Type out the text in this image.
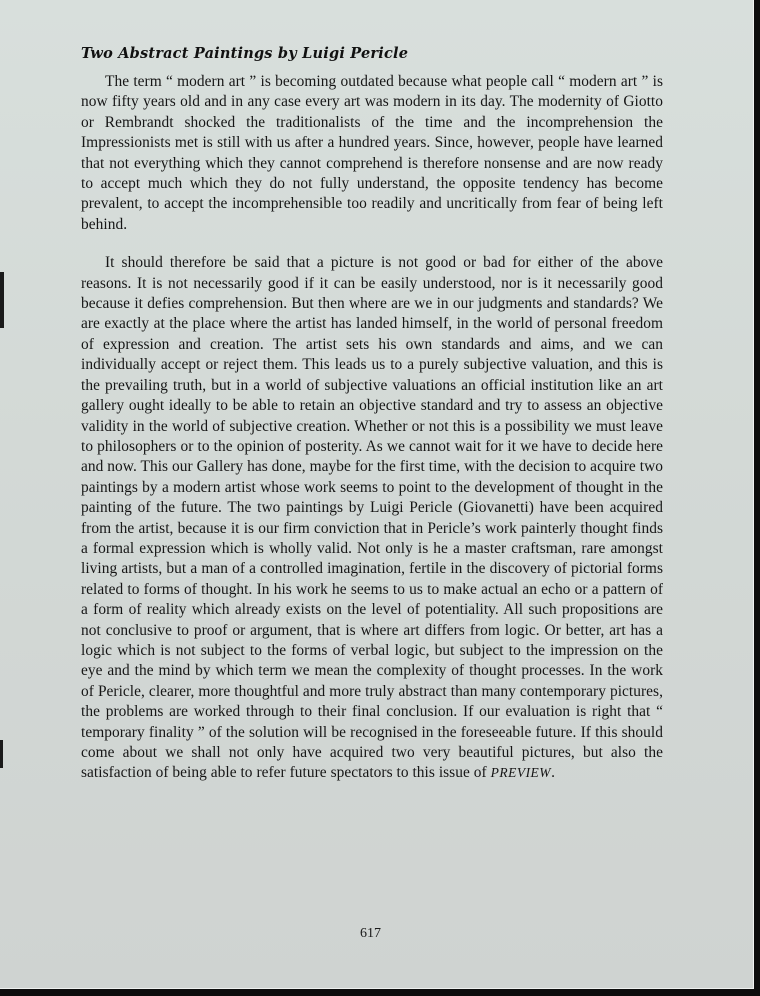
Two Abstract Paintings by Luigi Pericle

The term “ modern art ” is becoming outdated because what people call “ modern art ” is now fifty years old and in any case every art was modern in its day. The modernity of Giotto or Rembrandt shocked the traditionalists of the time and the incomprehension the Impressionists met is still with us after a hundred years. Since, however, people have learned that not everything which they cannot comprehend is therefore nonsense and are now ready to accept much which they do not fully understand, the opposite tendency has become prevalent, to accept the incomprehensible too readily and uncritically from fear of being left behind.

It should therefore be said that a picture is not good or bad for either of the above reasons. It is not necessarily good if it can be easily understood, nor is it necessarily good because it defies comprehension. But then where are we in our judgments and standards? We are exactly at the place where the artist has landed himself, in the world of personal freedom of expression and creation. The artist sets his own standards and aims, and we can individually accept or reject them. This leads us to a purely subjective valuation, and this is the prevailing truth, but in a world of subjective valuations an official institution like an art gallery ought ideally to be able to retain an objective standard and try to assess an objective validity in the world of subjective creation. Whether or not this is a possibility we must leave to philosophers or to the opinion of posterity. As we cannot wait for it we have to decide here and now. This our Gallery has done, maybe for the first time, with the decision to acquire two paintings by a modern artist whose work seems to point to the development of thought in the painting of the future. The two paintings by Luigi Pericle (Giovanetti) have been acquired from the artist, because it is our firm conviction that in Pericle’s work painterly thought finds a formal expression which is wholly valid. Not only is he a master craftsman, rare amongst living artists, but a man of a controlled imagination, fertile in the discovery of pictorial forms related to forms of thought. In his work he seems to us to make actual an echo or a pattern of a form of reality which already exists on the level of potentiality. All such propositions are not conclusive to proof or argument, that is where art differs from logic. Or better, art has a logic which is not subject to the forms of verbal logic, but subject to the impression on the eye and the mind by which term we mean the complexity of thought processes. In the work of Pericle, clearer, more thoughtful and more truly abstract than many contemporary pictures, the problems are worked through to their final conclusion. If our evaluation is right that “ temporary finality ” of the solution will be recognised in the foreseeable future. If this should come about we shall not only have acquired two very beautiful pictures, but also the satisfaction of being able to refer future spectators to this issue of PREVIEW.

617
